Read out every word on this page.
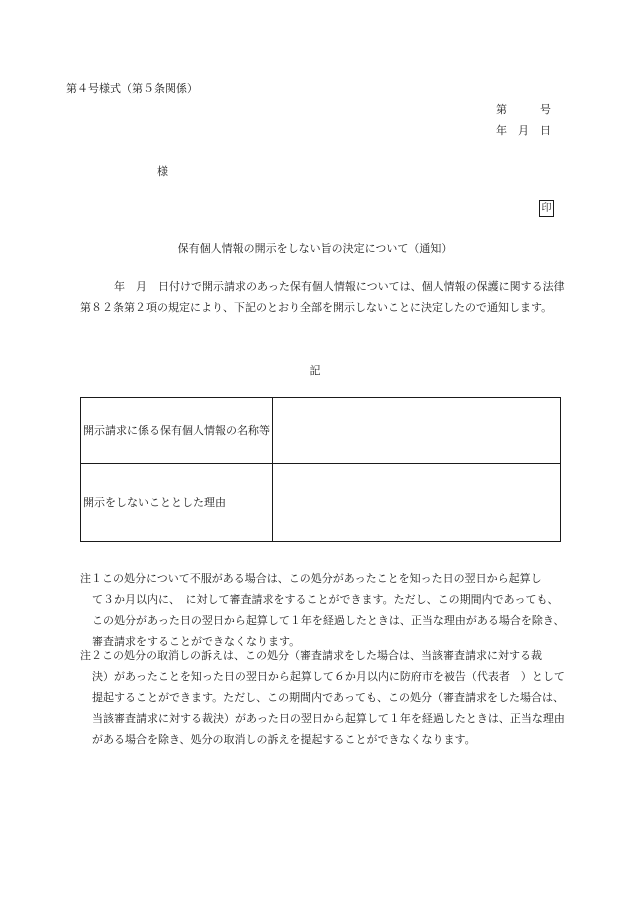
第４号様式（第５条関係）
第　　　号
年　月　日
様
印
保有個人情報の開示をしない旨の決定について（通知）
年　月　日付けで開示請求のあった保有個人情報については、個人情報の保護に関する法律第８２条第２項の規定により、下記のとおり全部を開示しないことに決定したので通知します。
記
開示請求に係る保有個人情報の名称等	
開示をしないこととした理由	
注１この処分について不服がある場合は、この処分があったことを知った日の翌日から起算し
て３か月以内に、　に対して審査請求をすることができます。ただし、この期間内であっても、この処分があった日の翌日から起算して１年を経過したときは、正当な理由がある場合を除き、審査請求をすることができなくなります。
注２この処分の取消しの訴えは、この処分（審査請求をした場合は、当該審査請求に対する裁
決）があったことを知った日の翌日から起算して６か月以内に防府市を被告（代表者　）として提起することができます。ただし、この期間内であっても、この処分（審査請求をした場合は、当該審査請求に対する裁決）があった日の翌日から起算して１年を経過したときは、正当な理由がある場合を除き、処分の取消しの訴えを提起することができなくなります。
